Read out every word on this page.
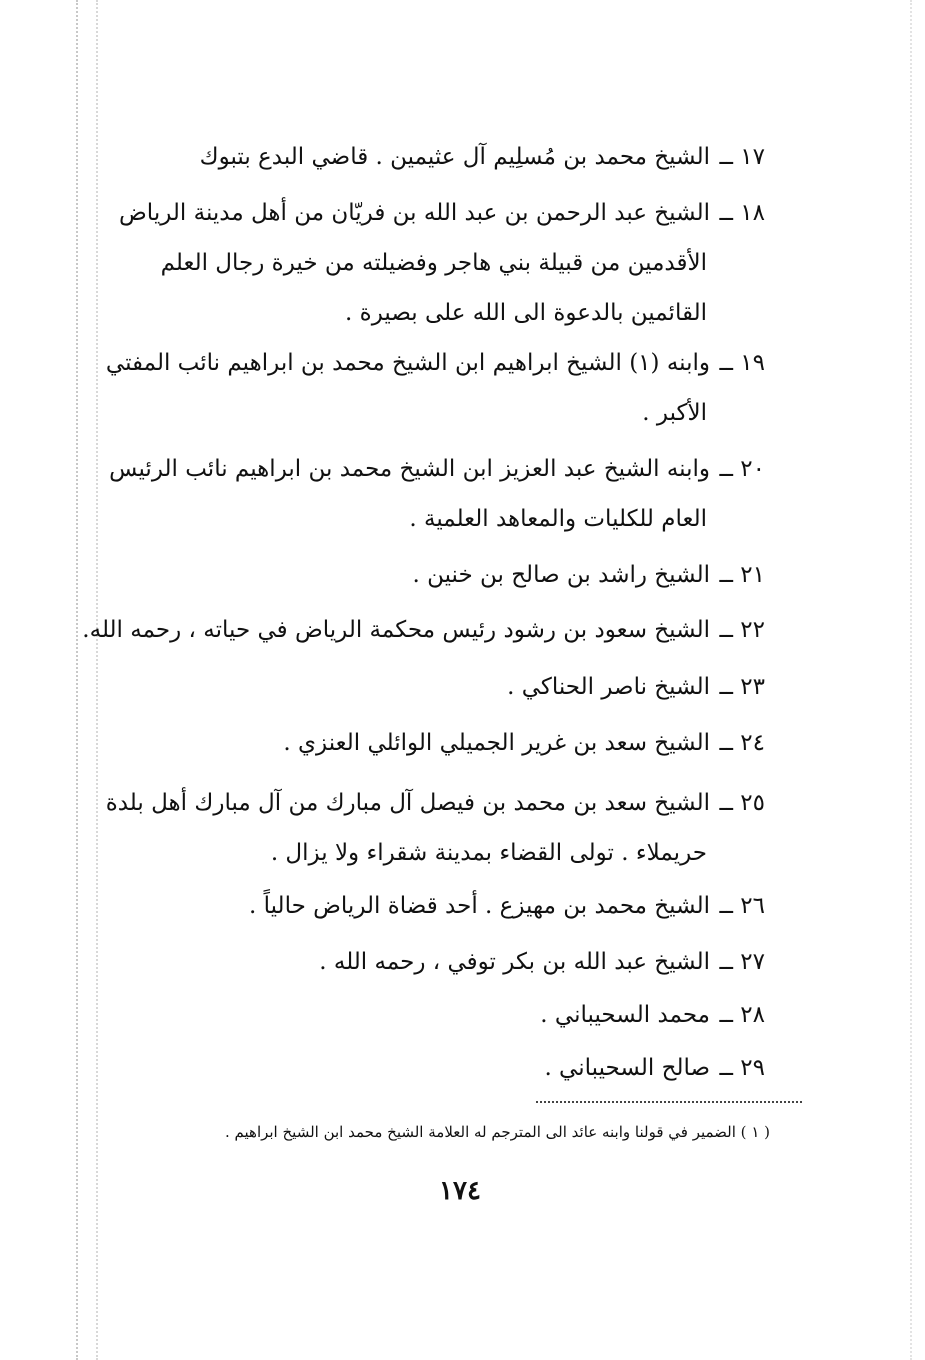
١٧ ــالشيخ محمد بن مُسلِيم آل عثيمين . قاضي البدع بتبوك
١٨ ــالشيخ عبد الرحمن بن عبد الله بن فريّان من أهل مدينة الرياض
الأقدمين من قبيلة بني هاجر وفضيلته من خيرة رجال العلم
القائمين بالدعوة الى الله على بصيرة .
١٩ ــوابنه (١) الشيخ ابراهيم ابن الشيخ محمد بن ابراهيم نائب المفتي
الأكبر .
٢٠ ــوابنه الشيخ عبد العزيز ابن الشيخ محمد بن ابراهيم نائب الرئيس
العام للكليات والمعاهد العلمية .
٢١ ــالشيخ راشد بن صالح بن خنين .
٢٢ ــالشيخ سعود بن رشود رئيس محكمة الرياض في حياته ، رحمه الله.
٢٣ ــالشيخ ناصر الحناكي .
٢٤ ــالشيخ سعد بن غرير الجميلي الوائلي العنزي .
٢٥ ــالشيخ سعد بن محمد بن فيصل آل مبارك من آل مبارك أهل بلدة
حريملاء . تولى القضاء بمدينة شقراء ولا يزال .
٢٦ ــالشيخ محمد بن مهيزع . أحد قضاة الرياض حالياً .
٢٧ ــالشيخ عبد الله بن بكر توفي ، رحمه الله .
٢٨ ــمحمد السحيباني .
٢٩ ــصالح السحيباني .
( ١ ) الضمير في قولنا وابنه عائد الى المترجم له العلامة الشيخ محمد ابن الشيخ ابراهيم .
١٧٤
